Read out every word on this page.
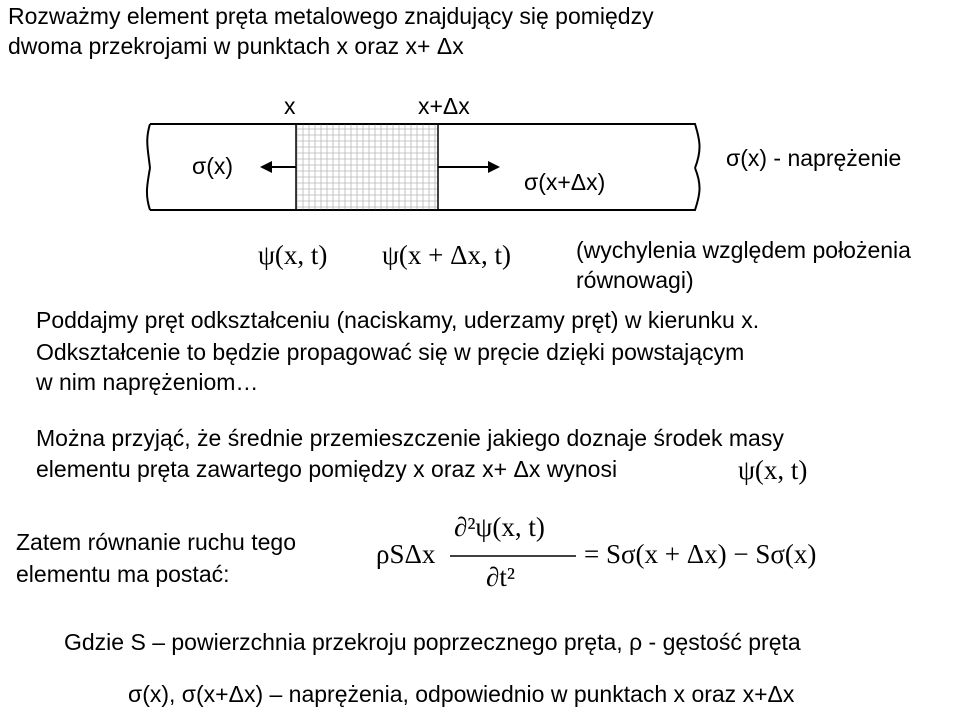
Rozważmy element pręta metalowego znajdujący się pomiędzy
dwoma przekrojami w punktach x oraz x+ Δx
x	x+Δx
σ(x)
σ(x+Δx)
σ(x) - naprężenie
ψ(x, t) ψ(x + Δx, t)	(wychylenia względem położenia
równowagi)
Poddajmy pręt odkształceniu (naciskamy, uderzamy pręt) w kierunku x.
Odkształcenie to będzie propagować się w pręcie dzięki powstającym
w nim naprężeniom…
Można przyjąć, że średnie przemieszczenie jakiego doznaje środek masy
elementu pręta zawartego pomiędzy x oraz x+ Δx wynosi	ψ(x, t)
Zatem równanie ruchu tego
elementu ma postać:
ρSΔx
∂²ψ(x, t)
∂t²
= Sσ(x + Δx) − Sσ(x)
Gdzie S – powierzchnia przekroju poprzecznego pręta, ρ - gęstość pręta
σ(x), σ(x+Δx) – naprężenia, odpowiednio w punktach x oraz x+Δx
